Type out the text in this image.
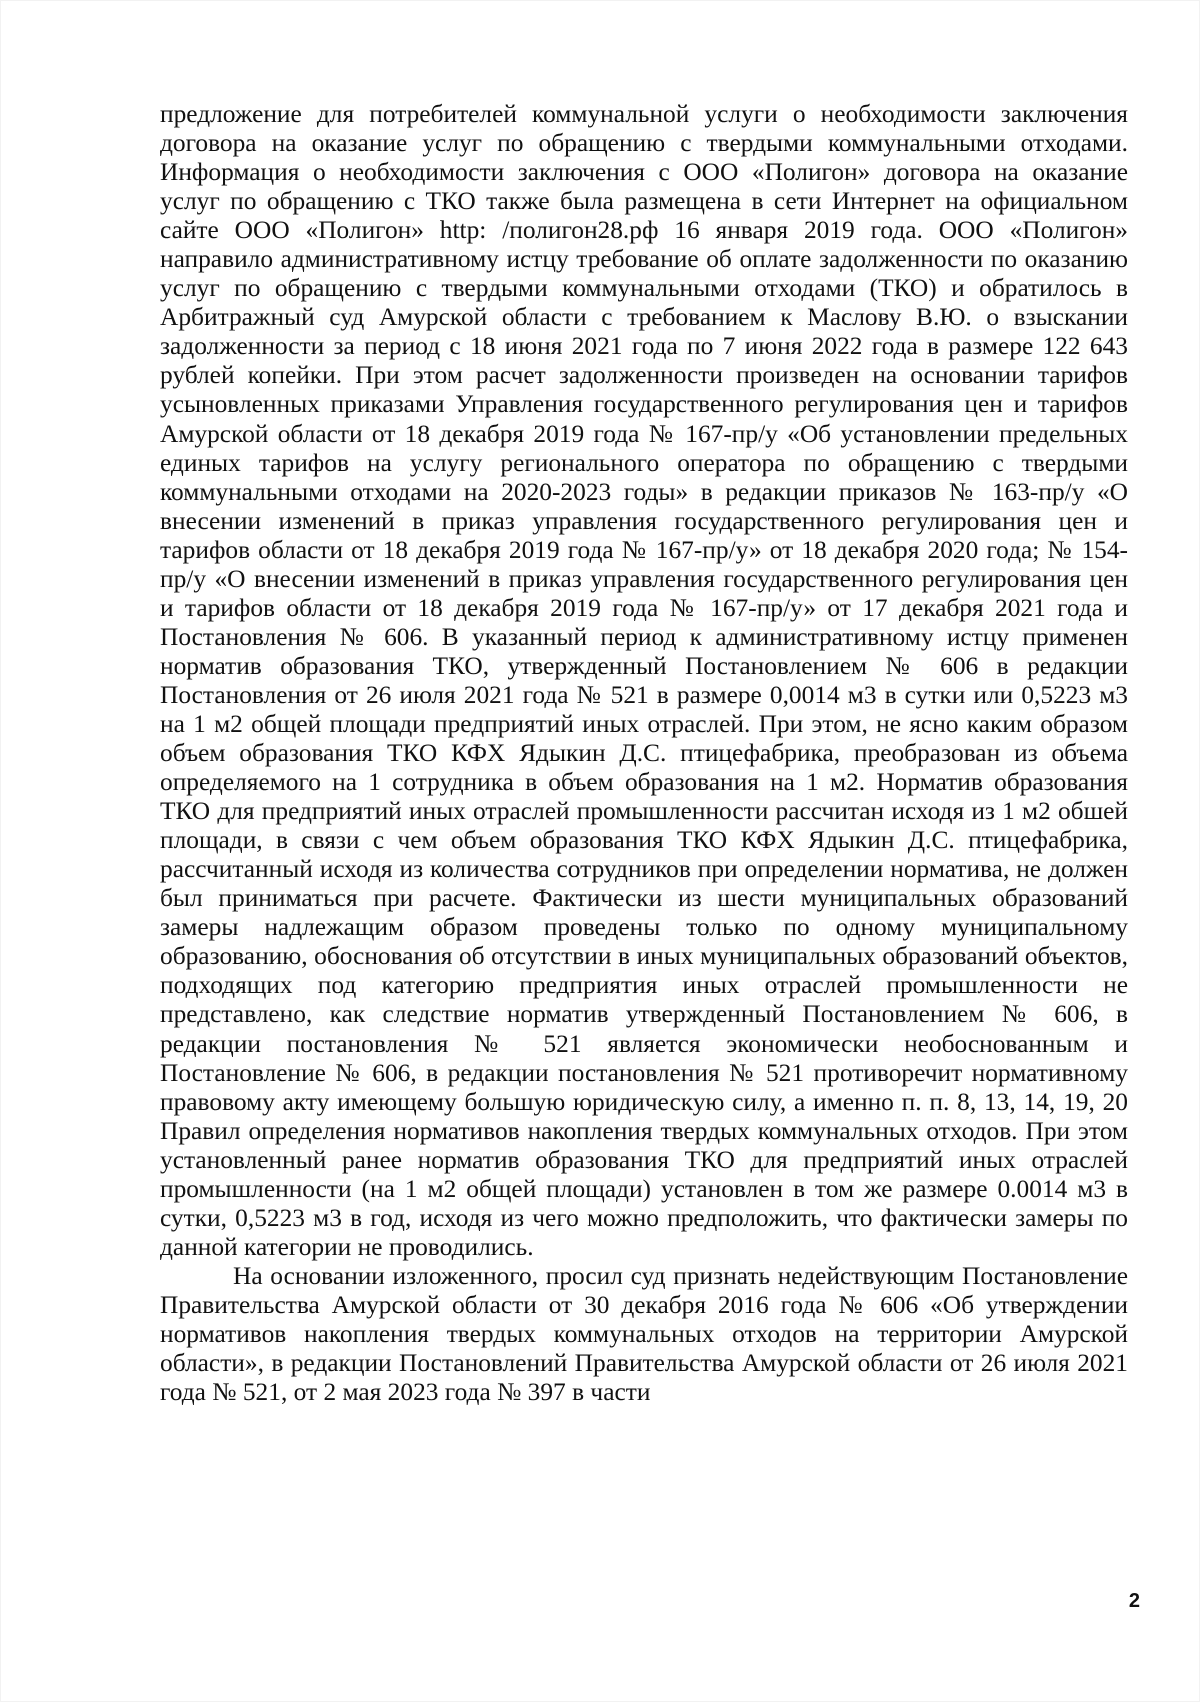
предложение для потребителей коммунальной услуги о необходимости заключения договора на оказание услуг по обращению с твердыми коммунальными отходами. Информация о необходимости заключения с ООО «Полигон» договора на оказание услуг по обращению с ТКО также была размещена в сети Интернет на официальном сайте ООО «Полигон» http: /полигон28.рф 16 января 2019 года. ООО «Полигон» направило административному истцу требование об оплате задолженности по оказанию услуг по обращению с твердыми коммунальными отходами (ТКО) и обратилось в Арбитражный суд Амурской области с требованием к Маслову В.Ю. о взыскании задолженности за период с 18 июня 2021 года по 7 июня 2022 года в размере 122 643 рублей копейки. При этом расчет задолженности произведен на основании тарифов усыновленных приказами Управления государственного регулирования цен и тарифов Амурской области от 18 декабря 2019 года № 167-пр/у «Об установлении предельных единых тарифов на услугу регионального оператора по обращению с твердыми коммунальными отходами на 2020-2023 годы» в редакции приказов № 163-пр/у «О внесении изменений в приказ управления государственного регулирования цен и тарифов области от 18 декабря 2019 года № 167-пр/у» от 18 декабря 2020 года; № 154-пр/у «О внесении изменений в приказ управления государственного регулирования цен и тарифов области от 18 декабря 2019 года № 167-пр/у» от 17 декабря 2021 года и Постановления № 606. В указанный период к административному истцу применен норматив образования ТКО, утвержденный Постановлением № 606 в редакции Постановления от 26 июля 2021 года № 521 в размере 0,0014 м3 в сутки или 0,5223 м3 на 1 м2 общей площади предприятий иных отраслей. При этом, не ясно каким образом объем образования ТКО КФХ Ядыкин Д.С. птицефабрика, преобразован из объема определяемого на 1 сотрудника в объем образования на 1 м2. Норматив образования ТКО для предприятий иных отраслей промышленности рассчитан исходя из 1 м2 обшей площади, в связи с чем объем образования ТКО КФХ Ядыкин Д.С. птицефабрика, рассчитанный исходя из количества сотрудников при определении норматива, не должен был приниматься при расчете. Фактически из шести муниципальных образований замеры надлежащим образом проведены только по одному муниципальному образованию, обоснования об отсутствии в иных муниципальных образований объектов, подходящих под категорию предприятия иных отраслей промышленности не представлено, как следствие норматив утвержденный Постановлением № 606, в редакции постановления № 521 является экономически необоснованным и Постановление № 606, в редакции постановления № 521 противоречит нормативному правовому акту имеющему большую юридическую силу, а именно п. п. 8, 13, 14, 19, 20 Правил определения нормативов накопления твердых коммунальных отходов. При этом установленный ранее норматив образования ТКО для предприятий иных отраслей промышленности (на 1 м2 общей площади) установлен в том же размере 0.0014 м3 в сутки, 0,5223 м3 в год, исходя из чего можно предположить, что фактически замеры по данной категории не проводились.

На основании изложенного, просил суд признать недействующим Постановление Правительства Амурской области от 30 декабря 2016 года № 606 «Об утверждении нормативов накопления твердых коммунальных отходов на территории Амурской области», в редакции Постановлений Правительства Амурской области от 26 июля 2021 года № 521, от 2 мая 2023 года № 397 в части

2
